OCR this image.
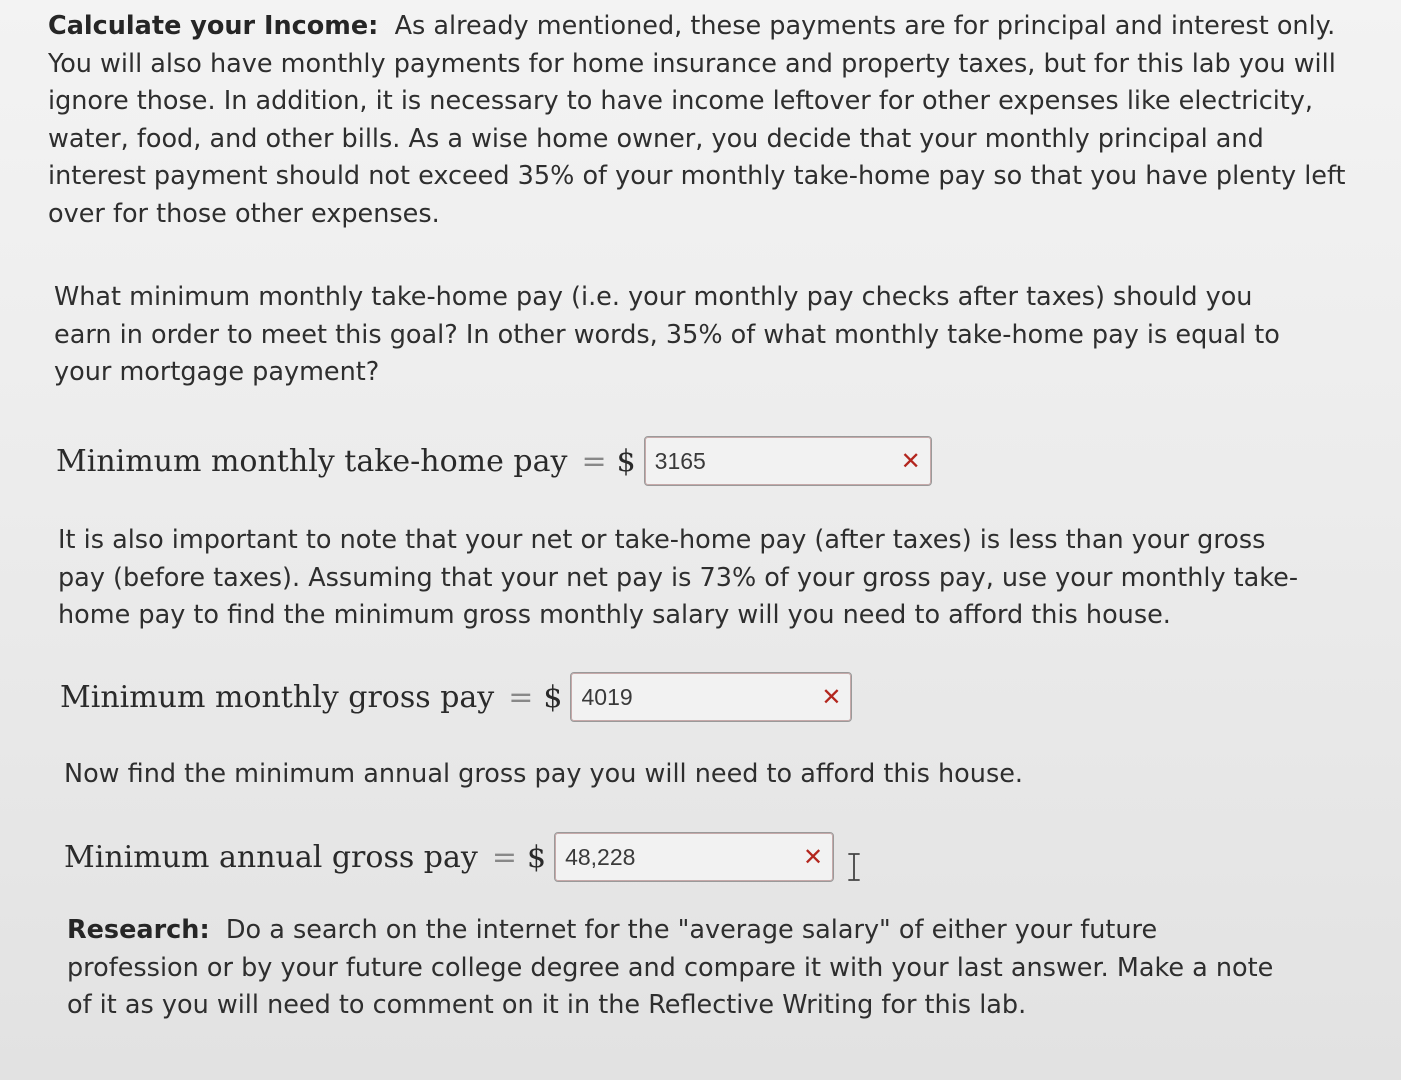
Calculate your Income: As already mentioned, these payments are for principal and interest only. You will also have monthly payments for home insurance and property taxes, but for this lab you will ignore those. In addition, it is necessary to have income leftover for other expenses like electricity, water, food, and other bills. As a wise home owner, you decide that your monthly principal and interest payment should not exceed 35% of your monthly take-home pay so that you have plenty left over for those other expenses.

What minimum monthly take-home pay (i.e. your monthly pay checks after taxes) should you earn in order to meet this goal? In other words, 35% of what monthly take-home pay is equal to your mortgage payment?

Minimum monthly take-home pay = $ 3165	✕

It is also important to note that your net or take-home pay (after taxes) is less than your gross pay (before taxes). Assuming that your net pay is 73% of your gross pay, use your monthly take-home pay to find the minimum gross monthly salary will you need to afford this house.

Minimum monthly gross pay = $ 4019	✕

Now find the minimum annual gross pay you will need to afford this house.

Minimum annual gross pay = $ 48,228	✕

Research: Do a search on the internet for the "average salary" of either your future profession or by your future college degree and compare it with your last answer. Make a note of it as you will need to comment on it in the Reflective Writing for this lab.
